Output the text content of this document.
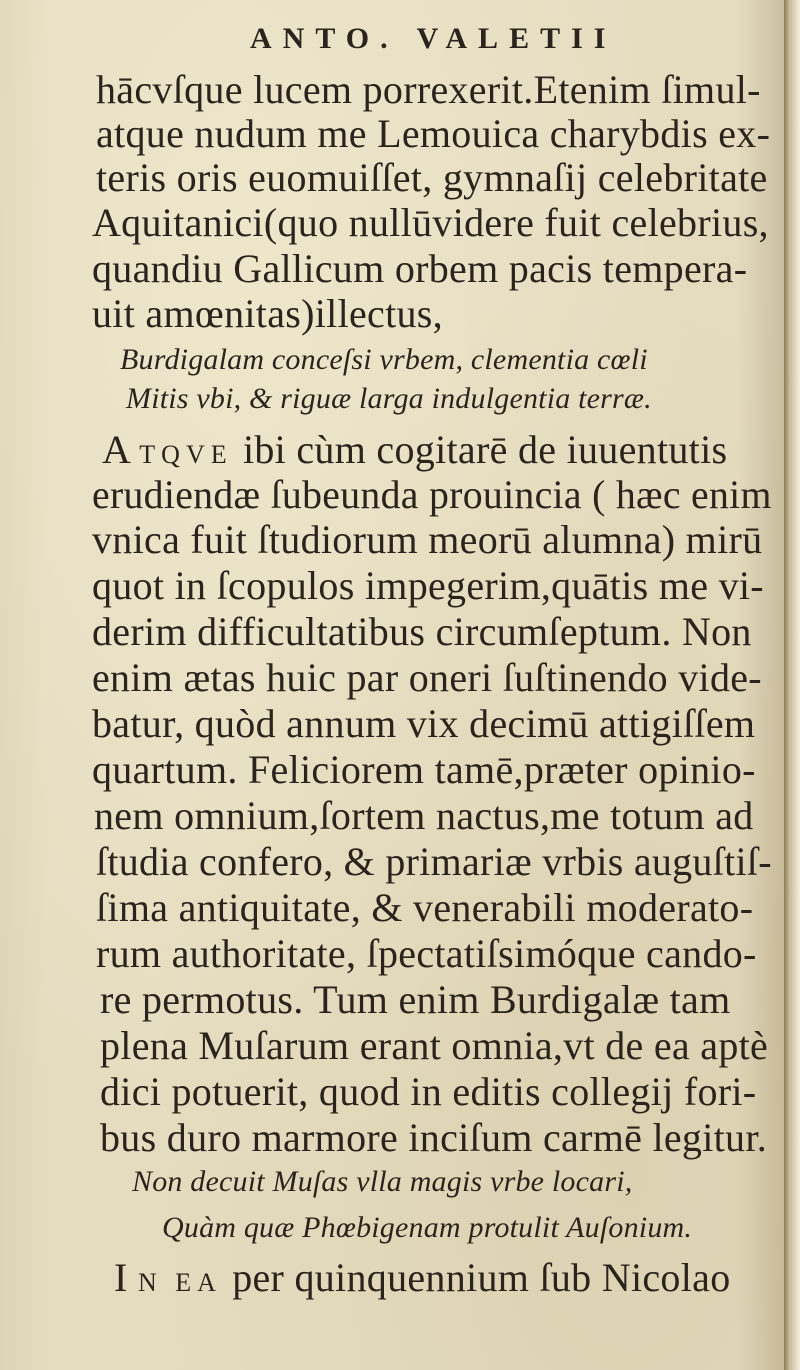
ANTO. VALETII
hācvſque lucem porrexerit.Etenim ſimul-
atque nudum me Lemouica charybdis ex-
teris oris euomuiſſet, gymnaſij celebritate
Aquitanici(quo nullūvidere fuit celebrius,
quandiu Gallicum orbem pacis tempera-
uit amœnitas)illectus,
Burdigalam conceſsi vrbem, clementia cœli
Mitis vbi, & riguæ larga indulgentia terræ.
A TQVE ibi cùm cogitarē de iuuentutis
erudiendæ ſubeunda prouincia ( hæc enim
vnica fuit ſtudiorum meorū alumna) mirū
quot in ſcopulos impegerim,quātis me vi-
derim difficultatibus circumſeptum. Non
enim ætas huic par oneri ſuſtinendo vide-
batur, quòd annum vix decimū attigiſſem
quartum. Feliciorem tamē,præter opinio-
nem omnium,ſortem nactus,me totum ad
ſtudia confero, & primariæ vrbis auguſtiſ-
ſima antiquitate, & venerabili moderato-
rum authoritate, ſpectatiſsimóque cando-
re permotus. Tum enim Burdigalæ tam
plena Muſarum erant omnia,vt de ea aptè
dici potuerit, quod in editis collegij fori-
bus duro marmore inciſum carmē legitur.
Non decuit Muſas vlla magis vrbe locari,
Quàm quæ Phœbigenam protulit Auſonium.
I N EA per quinquennium ſub Nicolao
